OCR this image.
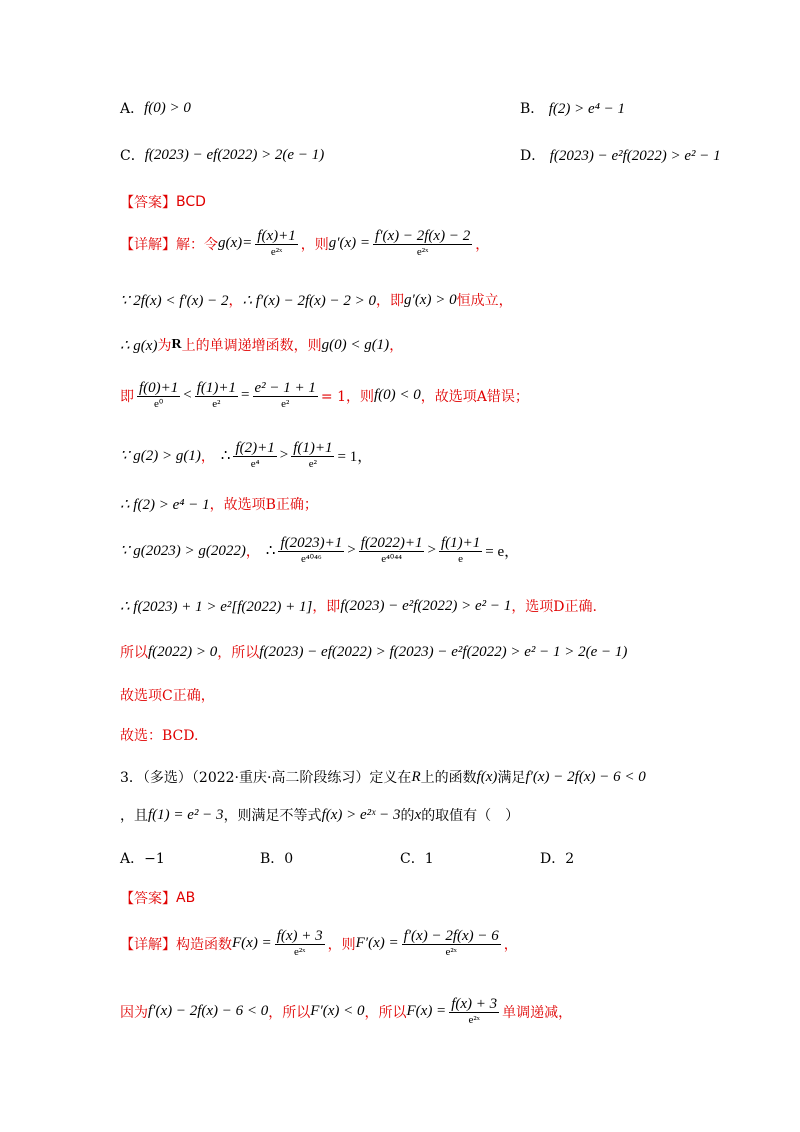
A． f(0) > 0	B． f(2) > e⁴ − 1
C． f(2023) − ef(2022) > 2(e − 1)	D． f(2023) − e²f(2022) > e² − 1
【答案】 BCD
【详解】解：令 $g(x)= \frac{f(x)+1}{\text{e²ˣ}}$ ，则 $g'(x) = \frac{f'(x) - 2f(x) - 2}{\text{e²ˣ}}$ ，
∵ 2f(x) < f′(x) − 2 ， ∴ f′(x) − 2f(x) − 2 > 0 ，即 g′(x) > 0 恒成立，
∴ g(x) 为 R 上的单调递增函数，则 g(0) < g(1) ，
即 $\frac{f(0)+1}{\text{e⁰}} < \frac{f(1)+1}{\text{e²}} = \frac{\text{e² − 1 + 1}}{\text{e²}} = 1$，则 f(0) < 0 ，故选项A错误；
∵ g(2) > g(1) ， ∴ $\frac{f(2)+1}{\text{e⁴}} > \frac{f(1)+1}{\text{e²}} = 1$，
∴ f(2) > e⁴ − 1 ，故选项B正确；
∵ g(2023) > g(2022) ， ∴ $\frac{f(2023)+1}{\text{e⁴⁰⁴⁶}} > \frac{f(2022)+1}{\text{e⁴⁰⁴⁴}} > \frac{f(1)+1}{e} = e$，
∴ f(2023) + 1 > e²[f(2022) + 1] ，即 f(2023) − e²f(2022) > e² − 1 ，选项D正确.
所以 f(2022) > 0 ，所以 f(2023) − ef(2022) > f(2023) − e²f(2022) > e² − 1 > 2(e − 1)
故选项C正确，
故选：BCD.
3．（多选）（2022·重庆·高二阶段练习）定义在 R 上的函数 f(x) 满足 f′(x) − 2f(x) − 6 < 0
，且 f(1) = e² − 3 ，则满足不等式 f(x) > e²ˣ − 3 的 x 的取值有（　）
A．−1	B．0	C．1	D．2
【答案】 AB
【详解】构造函数 $F(x) = \frac{f(x) + 3}{\text{e²ˣ}}$ ，则 $F'(x) = \frac{f'(x) - 2f(x) - 6}{\text{e²ˣ}}$ ，
因为 f′(x) − 2f(x) − 6 < 0 ，所以 F′(x) < 0 ，所以 $F(x) = \frac{f(x) + 3}{\text{e²ˣ}}$ 单调递减，
